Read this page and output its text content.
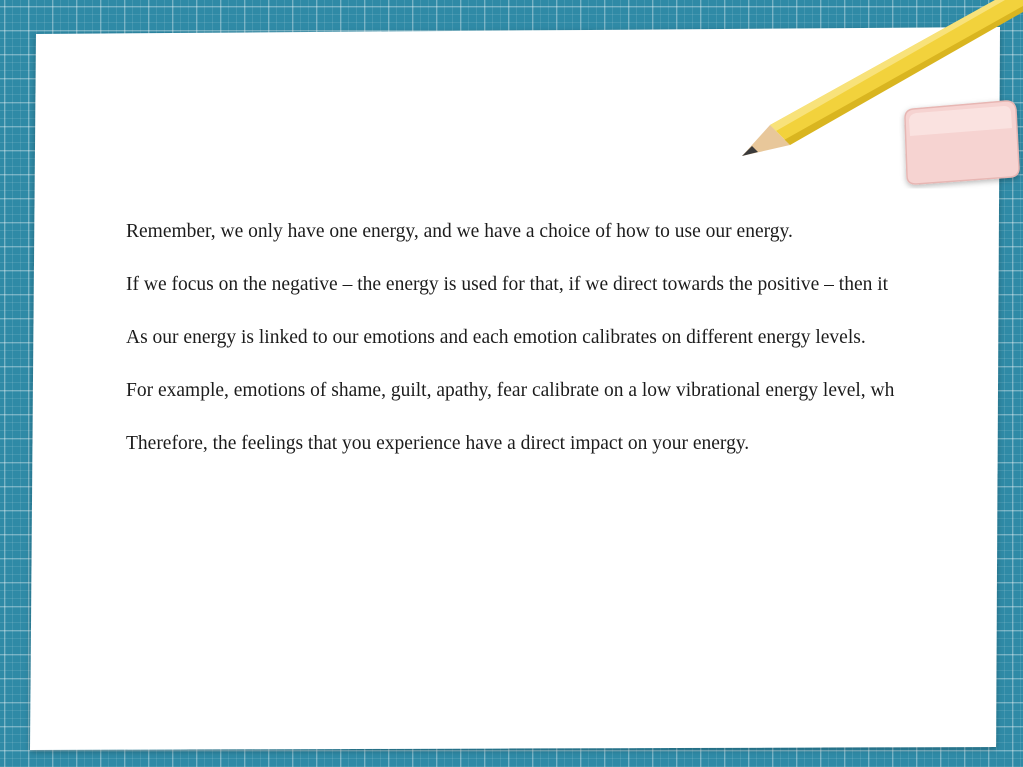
Remember, we only have one energy, and we have a choice of how to use our energy.

If we focus on the negative – the energy is used for that, if we direct towards the positive – then it

As our energy is linked to our emotions and each emotion calibrates on different energy levels.

For example, emotions of shame, guilt, apathy, fear calibrate on a low vibrational energy level, wh

Therefore, the feelings that you experience have a direct impact on your energy.
